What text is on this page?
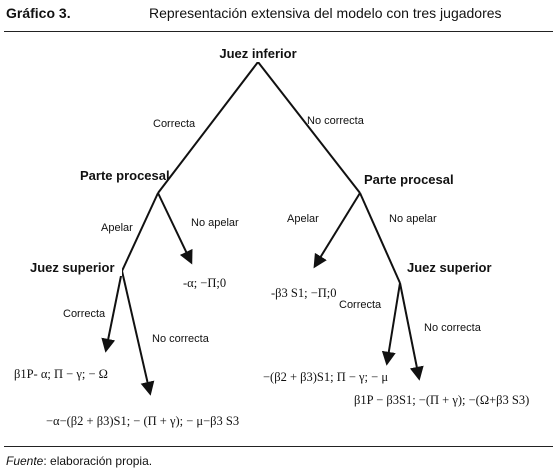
Gráfico 3.	Representación extensiva del modelo con tres jugadores
Juez inferior
Parte procesal	Parte procesal
Juez superior	Juez superior
Correcta	No correcta
Apelar	No apelar	Apelar	No apelar
Correcta
No correcta
Correcta
No correcta
-α; −Π;0
-β3 S1; −Π;0
β1P- α; Π − γ; − Ω
−α−(β2 + β3)S1; − (Π + γ); − μ−β3 S3
−(β2 + β3)S1; Π − γ; − μ
β1P − β3S1; −(Π + γ); −(Ω+β3 S3)
Fuente: elaboración propia.
